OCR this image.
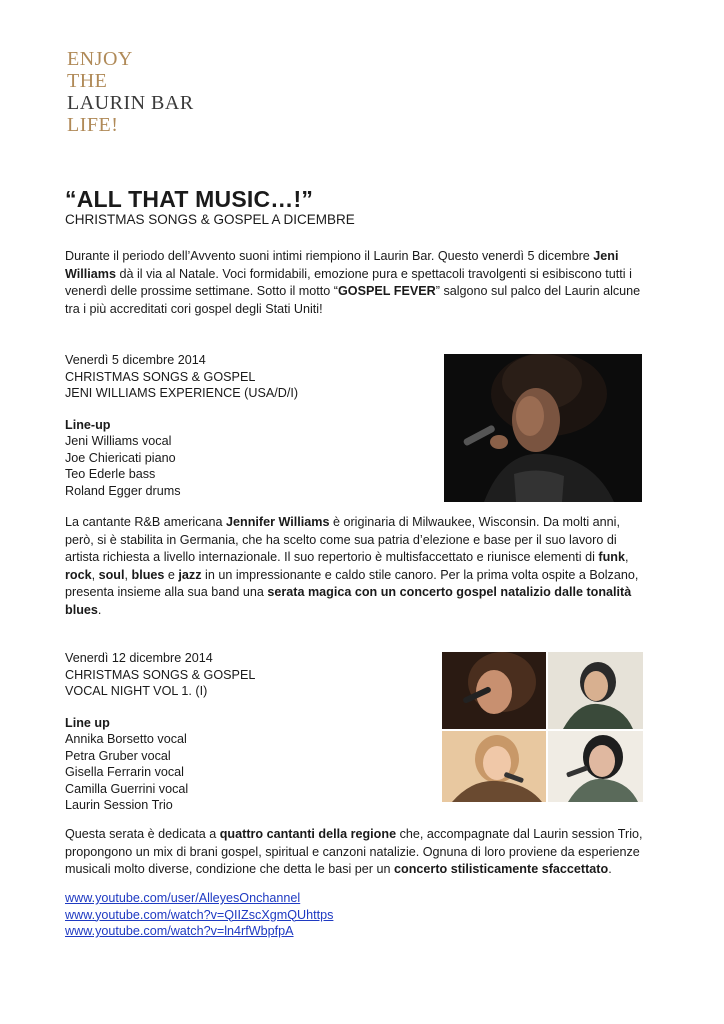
ENJOY
THE
LAURIN BAR
LIFE!
“ALL THAT MUSIC…!”
CHRISTMAS SONGS & GOSPEL A DICEMBRE
Durante il periodo dell’Avvento suoni intimi riempiono il Laurin Bar. Questo venerdì 5 dicembre Jeni Williams dà il via al Natale. Voci formidabili, emozione pura e spettacoli travolgenti si esibiscono tutti i venerdì delle prossime settimane. Sotto il motto “GOSPEL FEVER” salgono sul palco del Laurin alcune tra i più accreditati cori gospel degli Stati Uniti!
Venerdì 5 dicembre 2014
CHRISTMAS SONGS & GOSPEL
JENI WILLIAMS EXPERIENCE (USA/D/I)
Line-up
Jeni Williams vocal
Joe Chiericati piano
Teo Ederle bass
Roland Egger drums
La cantante R&B americana Jennifer Williams è originaria di Milwaukee, Wisconsin. Da molti anni, però, si è stabilita in Germania, che ha scelto come sua patria d’elezione e base per il suo lavoro di artista richiesta a livello internazionale. Il suo repertorio è multisfaccettato e riunisce elementi di funk, rock, soul, blues e jazz in un impressionante e caldo stile canoro. Per la prima volta ospite a Bolzano, presenta insieme alla sua band una serata magica con un concerto gospel natalizio dalle tonalità blues.
Venerdì 12 dicembre 2014
CHRISTMAS SONGS & GOSPEL
VOCAL NIGHT VOL 1. (I)
Line up
Annika Borsetto vocal
Petra Gruber vocal
Gisella Ferrarin vocal
Camilla Guerrini vocal
Laurin Session Trio
Questa serata è dedicata a quattro cantanti della regione che, accompagnate dal Laurin session Trio, propongono un mix di brani gospel, spiritual e canzoni natalizie. Ognuna di loro proviene da esperienze musicali molto diverse, condizione che detta le basi per un concerto stilisticamente sfaccettato.
www.youtube.com/user/AlleyesOnchannel
www.youtube.com/watch?v=QIIZscXgmQUhttps
www.youtube.com/watch?v=ln4rfWbpfpA
